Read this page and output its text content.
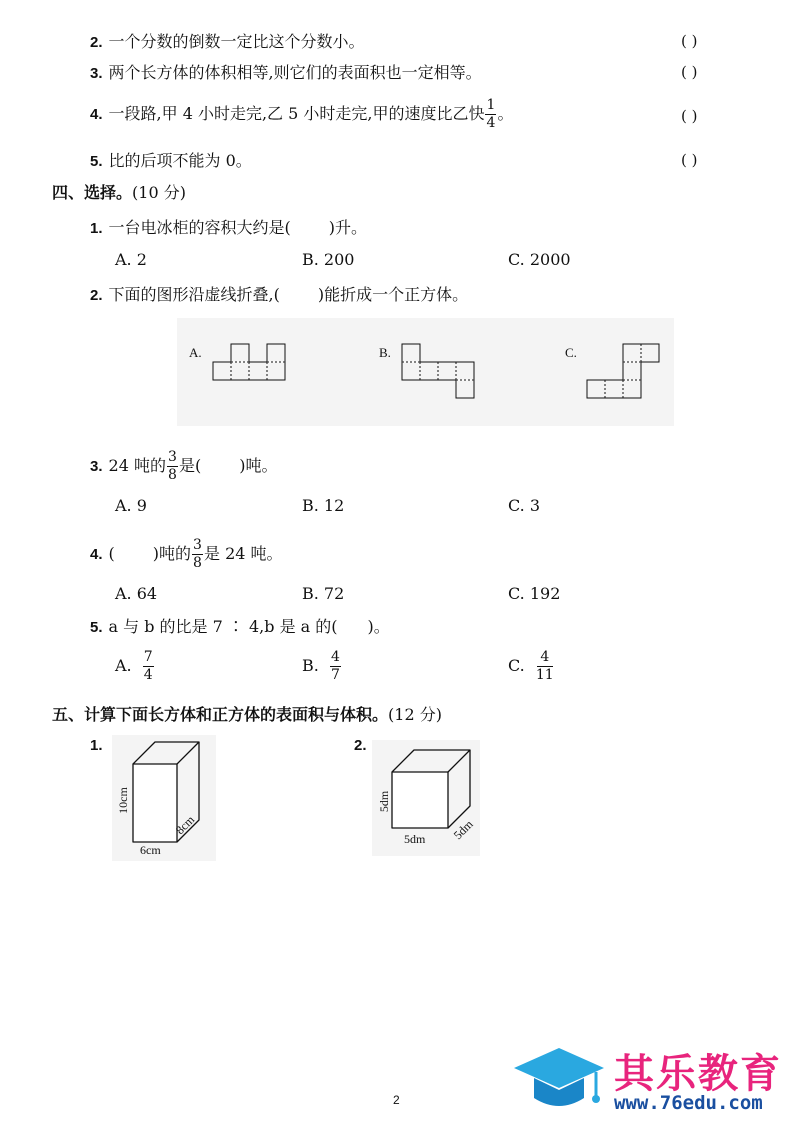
2. 一个分数的倒数一定比这个分数小。	( )
3. 两个长方体的体积相等,则它们的表面积也一定相等。	( )
4. 一段路,甲 4 小时走完,乙 5 小时走完,甲的速度比乙快 $\frac{1}{4}$ 。	( )
5. 比的后项不能为 0。	( )
四、选择。(10 分)
1. 一台电冰柜的容积大约是( )升。
A. 2	B. 200	C. 2000
2. 下面的图形沿虚线折叠,( )能折成一个正方体。
A.	B.	C.
3. 24 吨的 $\frac{3}{8}$ 是( )吨。
A. 9	B. 12	C. 3
4. ( )吨的 $\frac{3}{8}$ 是 24 吨。
A. 64	B. 72	C. 192
5. a 与 b 的比是 7 ∶ 4,b 是 a 的( )。
A. $\frac{7}{4}$	B. $\frac{4}{7}$	C. $\frac{4}{11}$
五、计算下面长方体和正方体的表面积与体积。(12 分)
1.	2.
10cm
6cm
8cm
5dm
5dm 5dm
2
其乐教育
www.76edu.com
